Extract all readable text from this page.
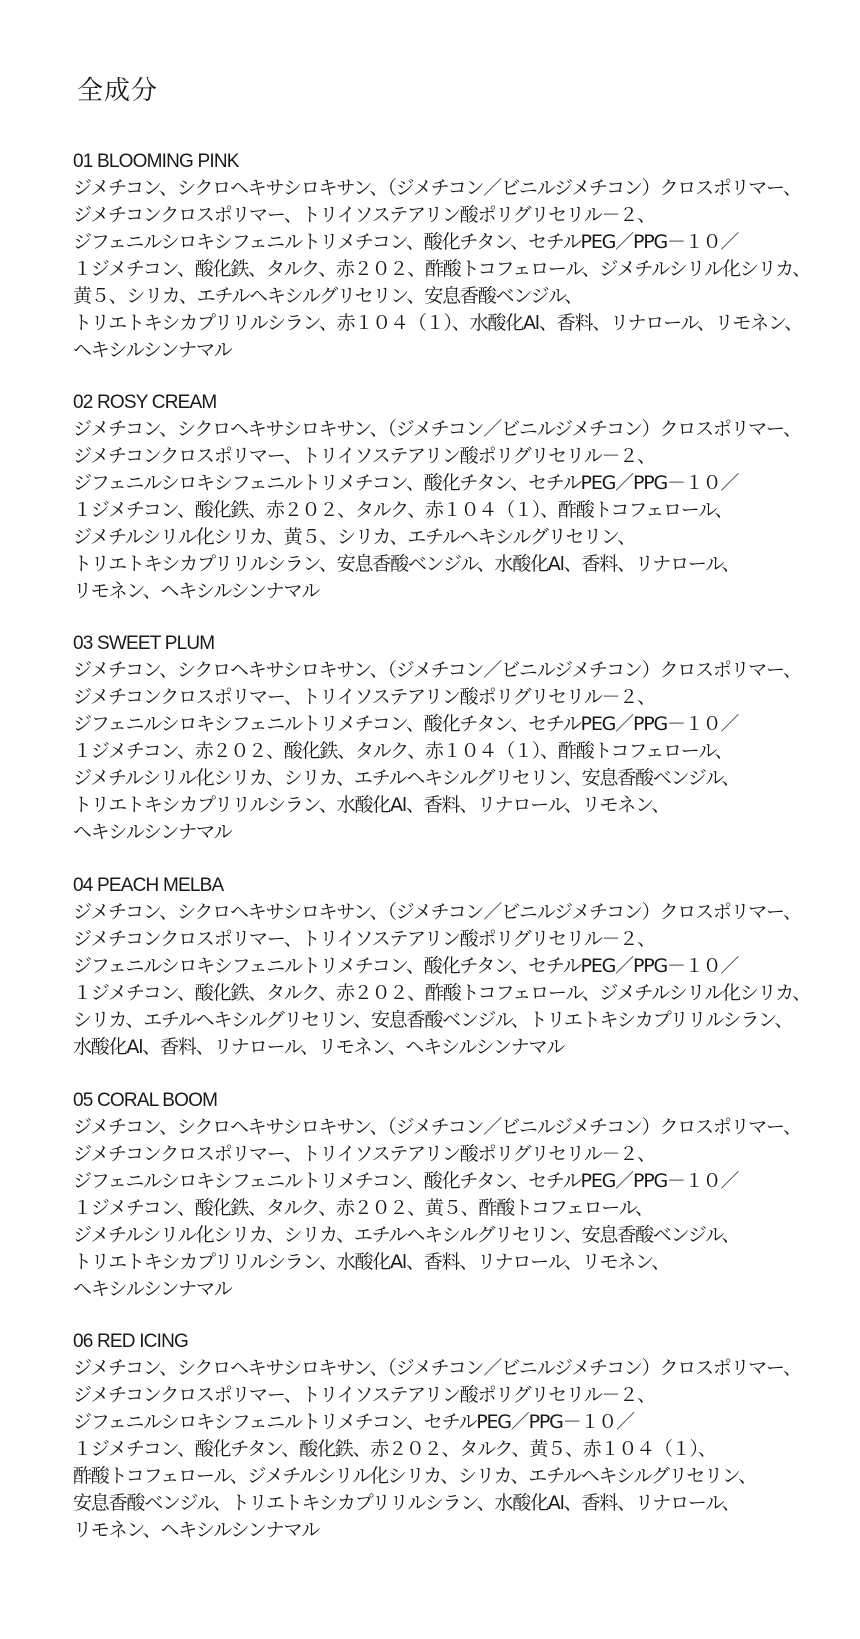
全成分
01 BLOOMING PINK
ジメチコン、シクロヘキサシロキサン、（ジメチコン／ビニルジメチコン）クロスポリマー、
ジメチコンクロスポリマー、トリイソステアリン酸ポリグリセリル－２、
ジフェニルシロキシフェニルトリメチコン、酸化チタン、セチルPEG／PPG－１０／
１ジメチコン、酸化鉄、タルク、赤２０２、酢酸トコフェロール、ジメチルシリル化シリカ、
黄５、シリカ、エチルヘキシルグリセリン、安息香酸ベンジル、
トリエトキシカプリリルシラン、赤１０４（１）、水酸化Al、香料、リナロール、リモネン、
ヘキシルシンナマル
02 ROSY CREAM
ジメチコン、シクロヘキサシロキサン、（ジメチコン／ビニルジメチコン）クロスポリマー、
ジメチコンクロスポリマー、トリイソステアリン酸ポリグリセリル－２、
ジフェニルシロキシフェニルトリメチコン、酸化チタン、セチルPEG／PPG－１０／
１ジメチコン、酸化鉄、赤２０２、タルク、赤１０４（１）、酢酸トコフェロール、
ジメチルシリル化シリカ、黄５、シリカ、エチルヘキシルグリセリン、
トリエトキシカプリリルシラン、安息香酸ベンジル、水酸化Al、香料、リナロール、
リモネン、ヘキシルシンナマル
03 SWEET PLUM
ジメチコン、シクロヘキサシロキサン、（ジメチコン／ビニルジメチコン）クロスポリマー、
ジメチコンクロスポリマー、トリイソステアリン酸ポリグリセリル－２、
ジフェニルシロキシフェニルトリメチコン、酸化チタン、セチルPEG／PPG－１０／
１ジメチコン、赤２０２、酸化鉄、タルク、赤１０４（１）、酢酸トコフェロール、
ジメチルシリル化シリカ、シリカ、エチルヘキシルグリセリン、安息香酸ベンジル、
トリエトキシカプリリルシラン、水酸化Al、香料、リナロール、リモネン、
ヘキシルシンナマル
04 PEACH MELBA
ジメチコン、シクロヘキサシロキサン、（ジメチコン／ビニルジメチコン）クロスポリマー、
ジメチコンクロスポリマー、トリイソステアリン酸ポリグリセリル－２、
ジフェニルシロキシフェニルトリメチコン、酸化チタン、セチルPEG／PPG－１０／
１ジメチコン、酸化鉄、タルク、赤２０２、酢酸トコフェロール、ジメチルシリル化シリカ、
シリカ、エチルヘキシルグリセリン、安息香酸ベンジル、トリエトキシカプリリルシラン、
水酸化Al、香料、リナロール、リモネン、ヘキシルシンナマル
05 CORAL BOOM
ジメチコン、シクロヘキサシロキサン、（ジメチコン／ビニルジメチコン）クロスポリマー、
ジメチコンクロスポリマー、トリイソステアリン酸ポリグリセリル－２、
ジフェニルシロキシフェニルトリメチコン、酸化チタン、セチルPEG／PPG－１０／
１ジメチコン、酸化鉄、タルク、赤２０２、黄５、酢酸トコフェロール、
ジメチルシリル化シリカ、シリカ、エチルヘキシルグリセリン、安息香酸ベンジル、
トリエトキシカプリリルシラン、水酸化Al、香料、リナロール、リモネン、
ヘキシルシンナマル
06 RED ICING
ジメチコン、シクロヘキサシロキサン、（ジメチコン／ビニルジメチコン）クロスポリマー、
ジメチコンクロスポリマー、トリイソステアリン酸ポリグリセリル－２、
ジフェニルシロキシフェニルトリメチコン、セチルPEG／PPG－１０／
１ジメチコン、酸化チタン、酸化鉄、赤２０２、タルク、黄５、赤１０４（１）、
酢酸トコフェロール、ジメチルシリル化シリカ、シリカ、エチルヘキシルグリセリン、
安息香酸ベンジル、トリエトキシカプリリルシラン、水酸化Al、香料、リナロール、
リモネン、ヘキシルシンナマル
